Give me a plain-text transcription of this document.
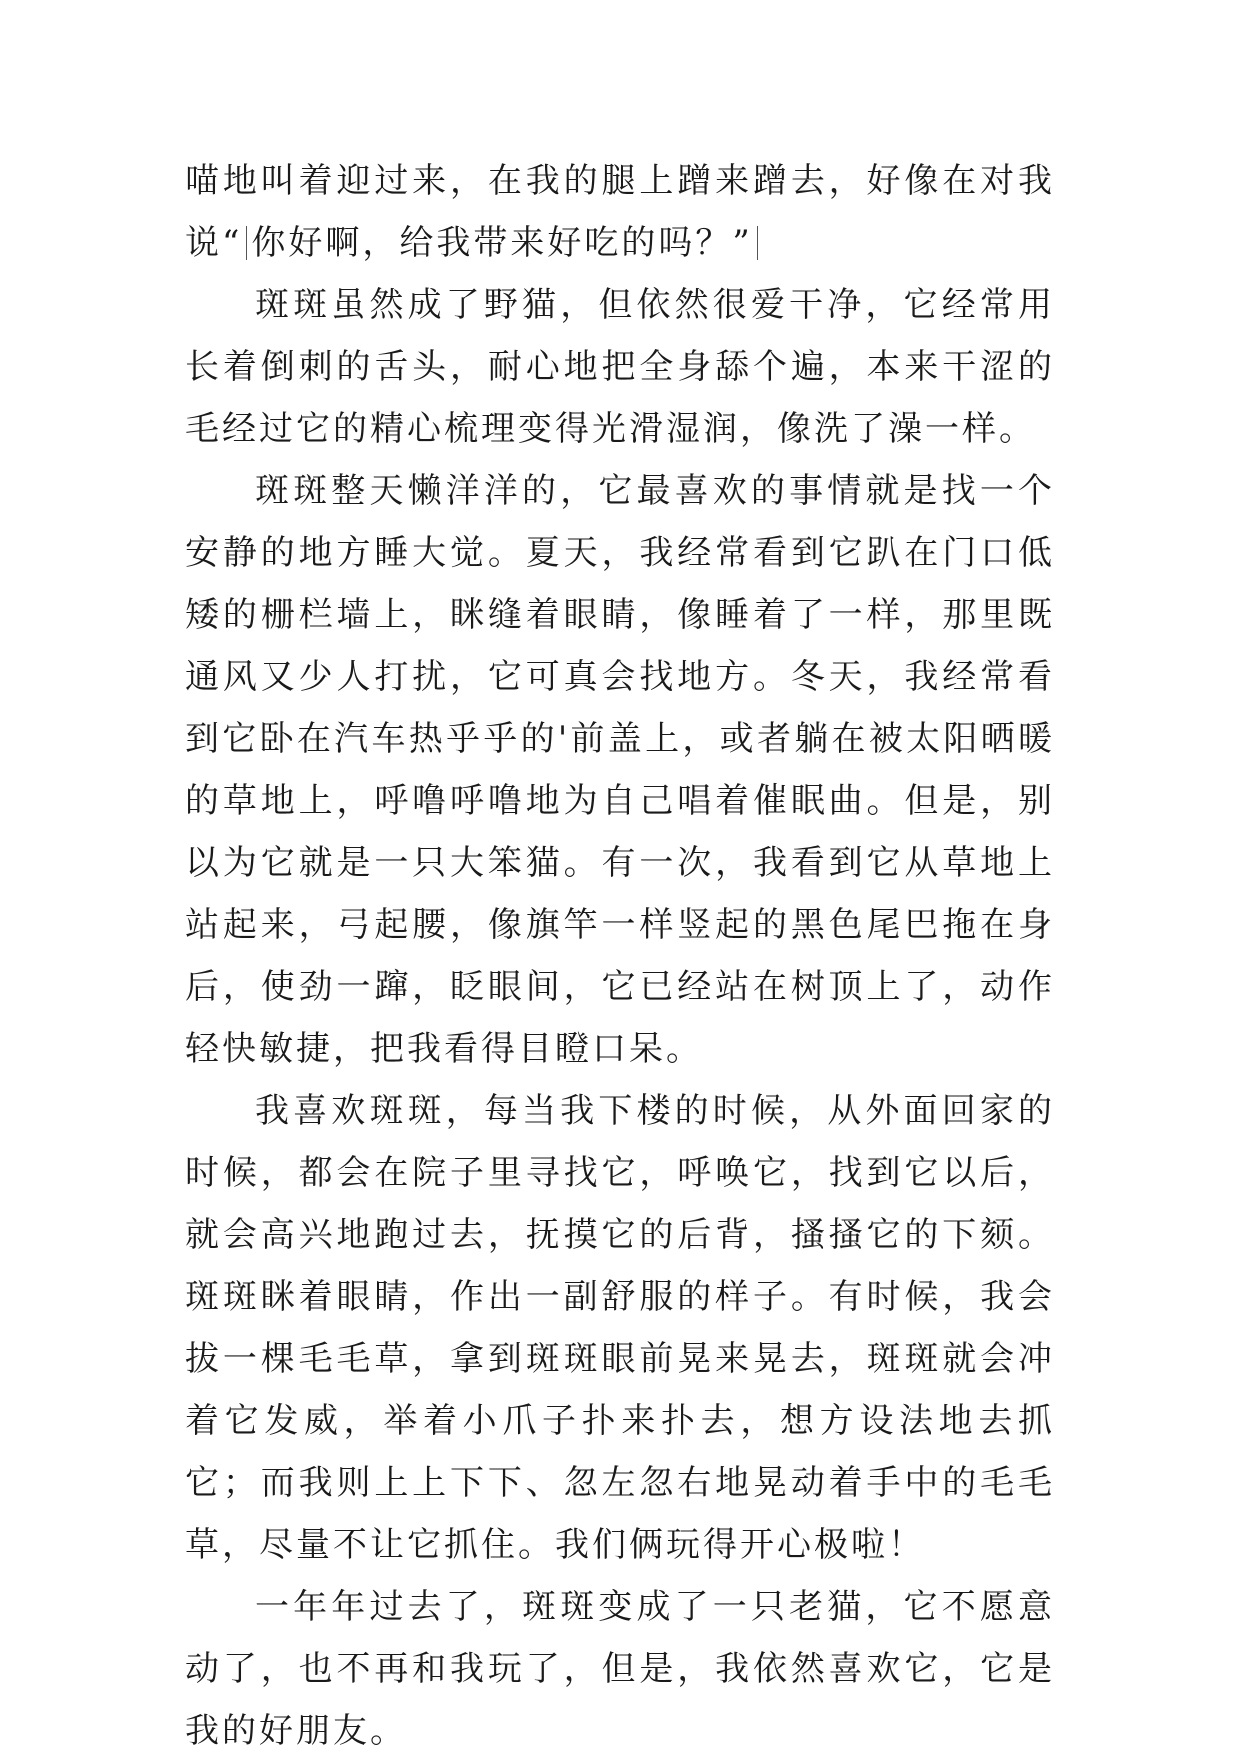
喵地叫着迎过来，在我的腿上蹭来蹭去，好像在对我说“ 你好啊，给我带来好吃的吗？”

斑斑虽然成了野猫，但依然很爱干净，它经常用长着倒刺的舌头，耐心地把全身舔个遍，本来干涩的毛经过它的精心梳理变得光滑湿润，像洗了澡一样。

斑斑整天懒洋洋的，它最喜欢的事情就是找一个安静的地方睡大觉。夏天，我经常看到它趴在门口低矮的栅栏墙上，眯缝着眼睛，像睡着了一样，那里既通风又少人打扰，它可真会找地方。冬天，我经常看到它卧在汽车热乎乎的'前盖上，或者躺在被太阳晒暖的草地上，呼噜呼噜地为自己唱着催眠曲。但是，别以为它就是一只大笨猫。有一次，我看到它从草地上站起来，弓起腰，像旗竿一样竖起的黑色尾巴拖在身后，使劲一蹿，眨眼间，它已经站在树顶上了，动作轻快敏捷，把我看得目瞪口呆。

我喜欢斑斑，每当我下楼的时候，从外面回家的时候，都会在院子里寻找它，呼唤它，找到它以后，就会高兴地跑过去，抚摸它的后背，搔搔它的下颏。斑斑眯着眼睛，作出一副舒服的样子。有时候，我会拔一棵毛毛草，拿到斑斑眼前晃来晃去，斑斑就会冲着它发威，举着小爪子扑来扑去，想方设法地去抓它；而我则上上下下、忽左忽右地晃动着手中的毛毛草，尽量不让它抓住。我们俩玩得开心极啦！

一年年过去了，斑斑变成了一只老猫，它不愿意动了，也不再和我玩了，但是，我依然喜欢它，它是我的好朋友。
